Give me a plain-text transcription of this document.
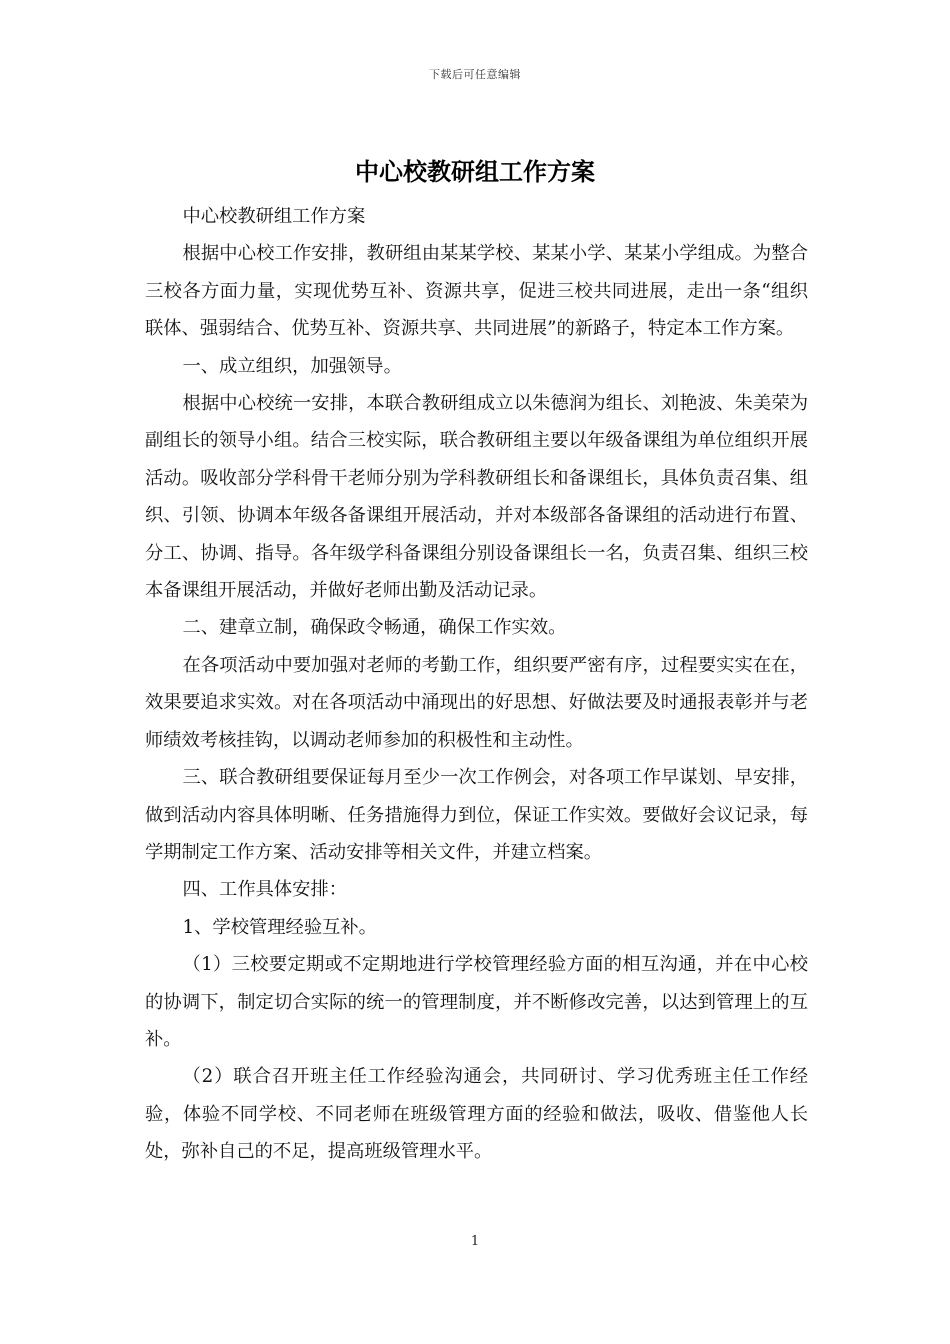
下载后可任意编辑
中心校教研组工作方案

中心校教研组工作方案

根据中心校工作安排，教研组由某某学校、某某小学、某某小学组成。为整合三校各方面力量，实现优势互补、资源共享，促进三校共同进展，走出一条“组织联体、强弱结合、优势互补、资源共享、共同进展”的新路子，特定本工作方案。

一、成立组织，加强领导。

根据中心校统一安排，本联合教研组成立以朱德润为组长、刘艳波、朱美荣为副组长的领导小组。结合三校实际，联合教研组主要以年级备课组为单位组织开展活动。吸收部分学科骨干老师分别为学科教研组长和备课组长，具体负责召集、组织、引领、协调本年级各备课组开展活动，并对本级部各备课组的活动进行布置、分工、协调、指导。各年级学科备课组分别设备课组长一名，负责召集、组织三校本备课组开展活动，并做好老师出勤及活动记录。

二、建章立制，确保政令畅通，确保工作实效。

在各项活动中要加强对老师的考勤工作，组织要严密有序，过程要实实在在，效果要追求实效。对在各项活动中涌现出的好思想、好做法要及时通报表彰并与老师绩效考核挂钩，以调动老师参加的积极性和主动性。

三、联合教研组要保证每月至少一次工作例会，对各项工作早谋划、早安排，做到活动内容具体明晰、任务措施得力到位，保证工作实效。要做好会议记录，每学期制定工作方案、活动安排等相关文件，并建立档案。

四、工作具体安排：

1、学校管理经验互补。

（1）三校要定期或不定期地进行学校管理经验方面的相互沟通，并在中心校的协调下，制定切合实际的统一的管理制度，并不断修改完善，以达到管理上的互补。

（2）联合召开班主任工作经验沟通会，共同研讨、学习优秀班主任工作经验，体验不同学校、不同老师在班级管理方面的经验和做法，吸收、借鉴他人长处，弥补自己的不足，提高班级管理水平。

1
